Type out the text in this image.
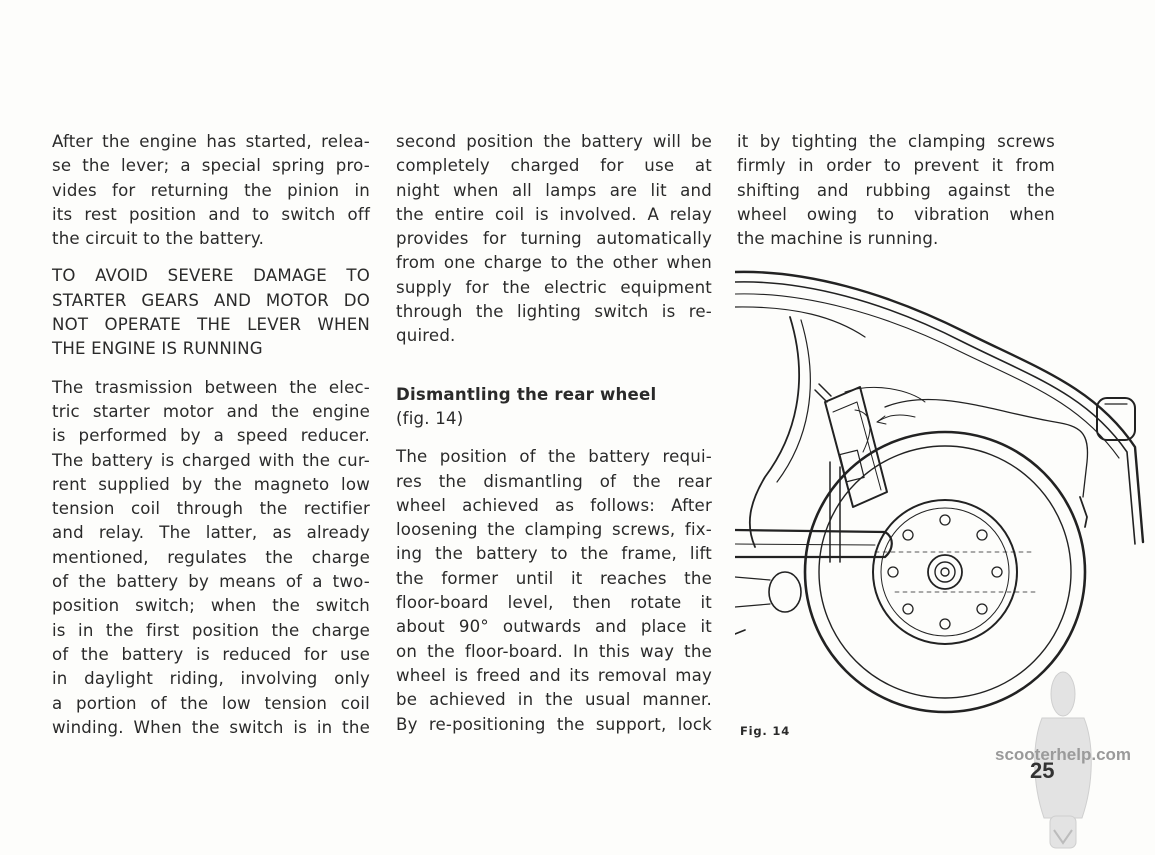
After the engine has started, relea-

se the lever; a special spring pro-

vides for returning the pinion in

its rest position and to switch off

the circuit to the battery.

TO AVOID SEVERE DAMAGE TO

STARTER GEARS AND MOTOR DO

NOT OPERATE THE LEVER WHEN

THE ENGINE IS RUNNING

The trasmission between the elec-

tric starter motor and the engine

is performed by a speed reducer.

The battery is charged with the cur-

rent supplied by the magneto low

tension coil through the rectifier

and relay. The latter, as already

mentioned, regulates the charge

of the battery by means of a two-

position switch; when the switch

is in the first position the charge

of the battery is reduced for use

in daylight riding, involving only

a portion of the low tension coil

winding. When the switch is in the

second position the battery will be

completely charged for use at

night when all lamps are lit and

the entire coil is involved. A relay

provides for turning automatically

from one charge to the other when

supply for the electric equipment

through the lighting switch is re-

quired.

Dismantling the rear wheel

(fig. 14)

The position of the battery requi-

res the dismantling of the rear

wheel achieved as follows: After

loosening the clamping screws, fix-

ing the battery to the frame, lift

the former until it reaches the

floor-board level, then rotate it

about 90° outwards and place it

on the floor-board. In this way the

wheel is freed and its removal may

be achieved in the usual manner.

By re-positioning the support, lock

it by tighting the clamping screws

firmly in order to prevent it from

shifting and rubbing against the

wheel owing to vibration when

the machine is running.

Fig. 14
scooterhelp.com
25
